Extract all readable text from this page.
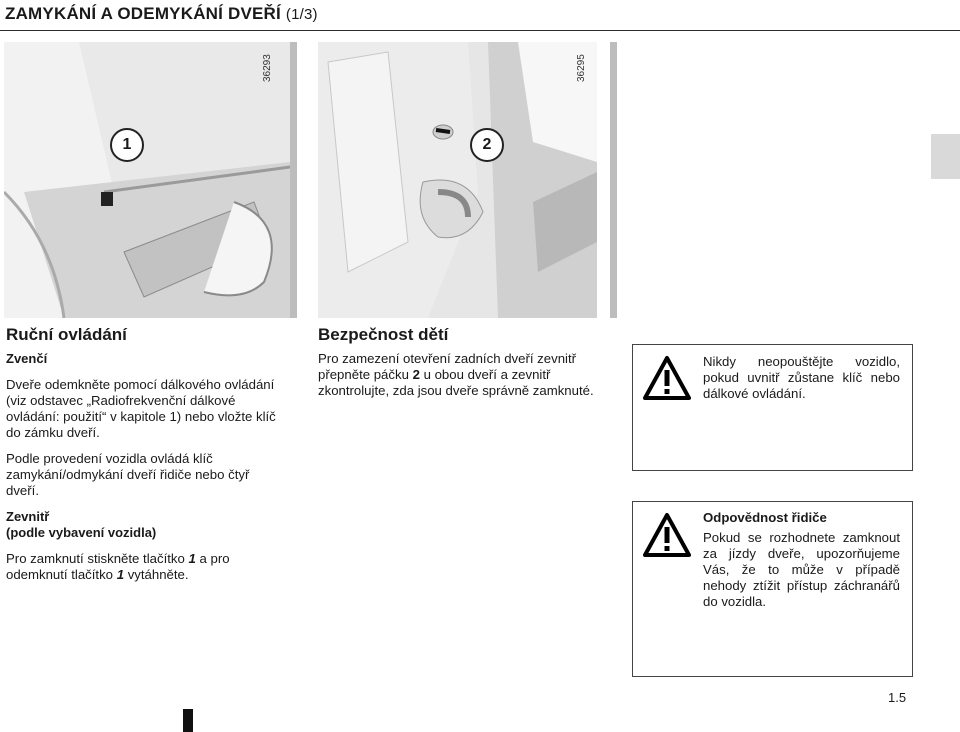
ZAMYKÁNÍ A ODEMYKÁNÍ DVEŘÍ (1/3)
36293
1
36295
2
Ruční ovládání

Zvenčí

Dveře odemkněte pomocí dálkového ovládání (viz odstavec „Radiofrekvenční dálkové ovládání: použití“ v kapitole 1) nebo vložte klíč do zámku dveří.

Podle provedení vozidla ovládá klíč zamykání/odmykání dveří řidiče nebo čtyř dveří.

Zevnitř

(podle vybavení vozidla)

Pro zamknutí stiskněte tlačítko 1 a pro odemknutí tlačítko 1 vytáhněte.

Bezpečnost dětí

Pro zamezení otevření zadních dveří zevnitř přepněte páčku 2 u obou dveří a zevnitř zkontrolujte, zda jsou dveře správně zamknuté.

Nikdy neopouštějte vozidlo, pokud uvnitř zůstane klíč nebo dálkové ovládání.
Odpovědnost řidiče
Pokud se rozhodnete zamknout za jízdy dveře, upozorňujeme Vás, že to může v případě nehody ztížit přístup záchranářů do vozidla.
1.5
